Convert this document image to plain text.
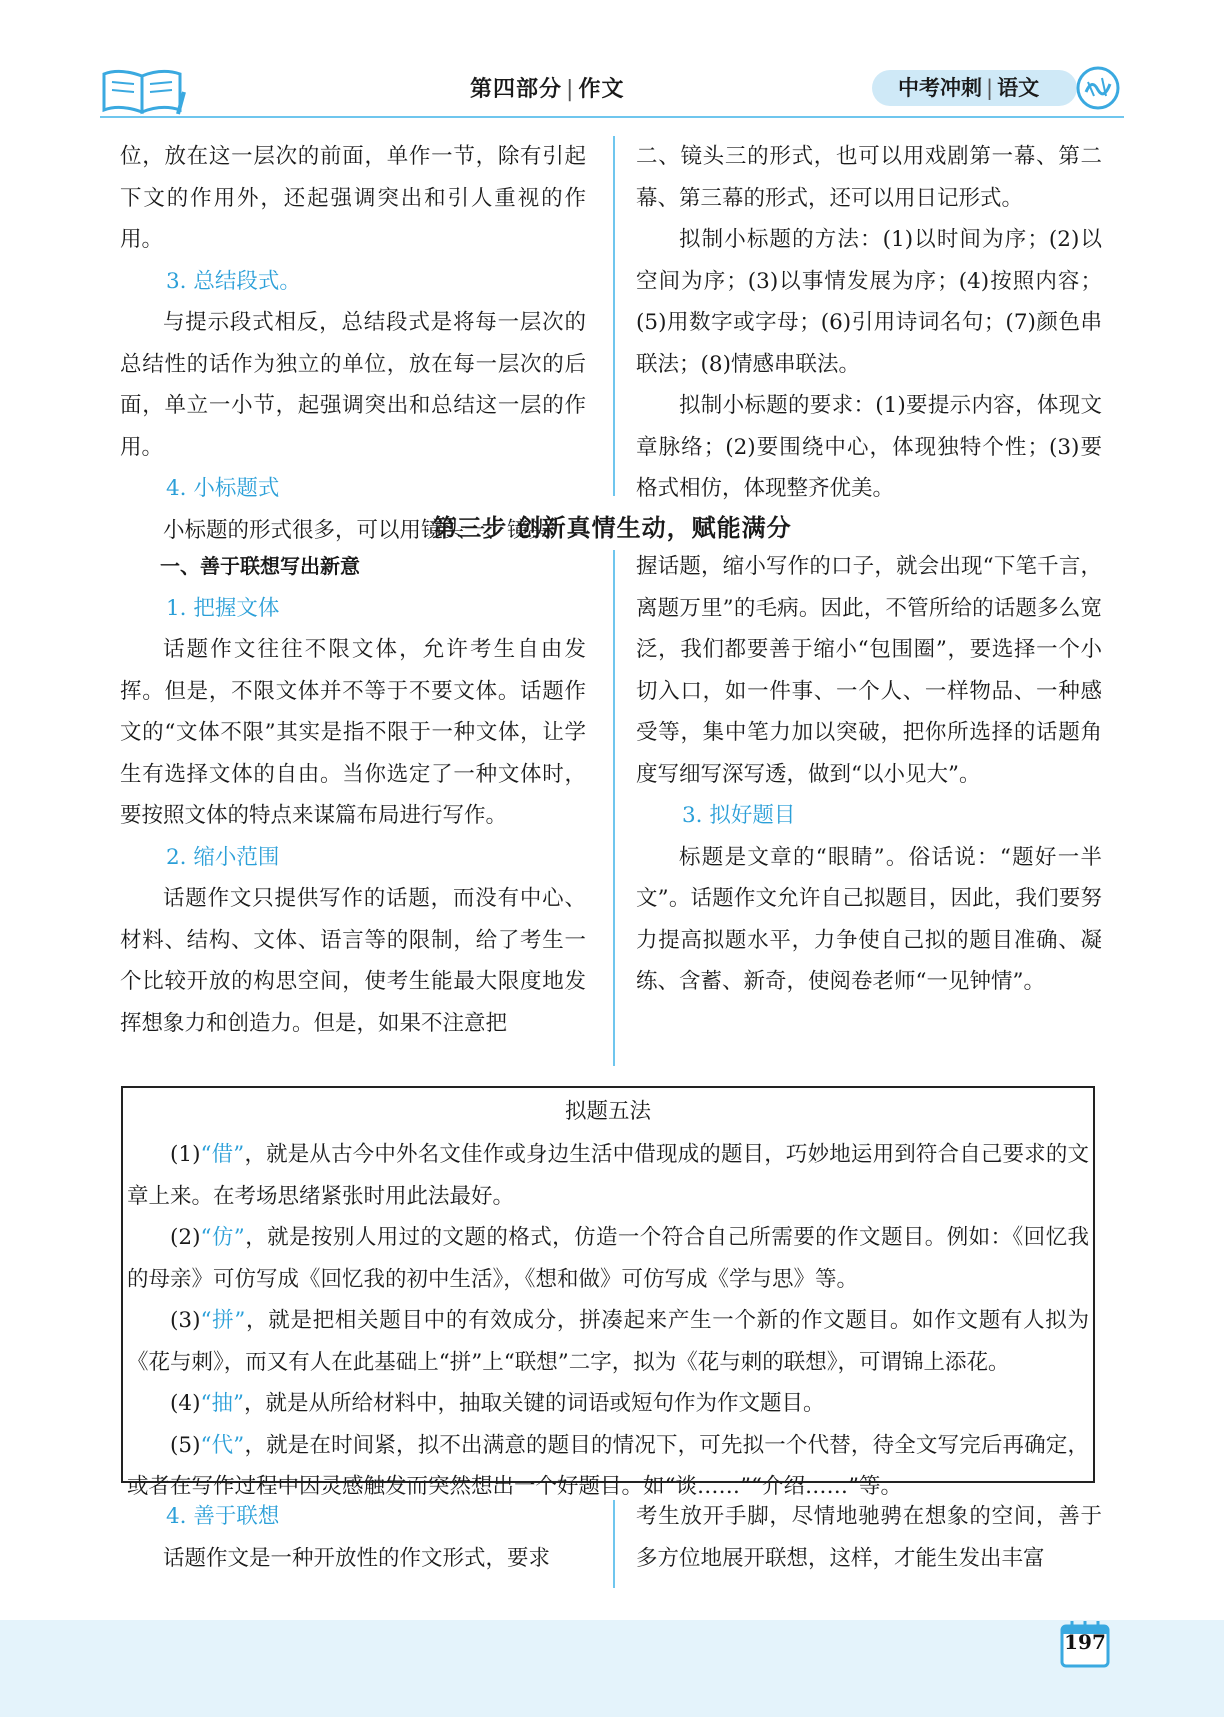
第四部分 | 作文	中考冲刺 | 语文
位，放在这一层次的前面，单作一节，除有引起下文的作用外，还起强调突出和引人重视的作用。
3. 总结段式。
与提示段式相反，总结段式是将每一层次的总结性的话作为独立的单位，放在每一层次的后面，单立一小节，起强调突出和总结这一层的作用。
4. 小标题式
小标题的形式很多，可以用镜头一、镜头
二、镜头三的形式，也可以用戏剧第一幕、第二幕、第三幕的形式，还可以用日记形式。
拟制小标题的方法：(1)以时间为序；(2)以空间为序；(3)以事情发展为序；(4)按照内容；(5)用数字或字母；(6)引用诗词名句；(7)颜色串联法；(8)情感串联法。
拟制小标题的要求：(1)要提示内容，体现文章脉络；(2)要围绕中心，体现独特个性；(3)要格式相仿，体现整齐优美。
第三步 创新真情生动，赋能满分
一、善于联想写出新意
1. 把握文体
话题作文往往不限文体，允许考生自由发挥。但是，不限文体并不等于不要文体。话题作文的“文体不限”其实是指不限于一种文体，让学生有选择文体的自由。当你选定了一种文体时，要按照文体的特点来谋篇布局进行写作。
2. 缩小范围
话题作文只提供写作的话题，而没有中心、材料、结构、文体、语言等的限制，给了考生一个比较开放的构思空间，使考生能最大限度地发挥想象力和创造力。但是，如果不注意把
握话题，缩小写作的口子，就会出现“下笔千言，离题万里”的毛病。因此，不管所给的话题多么宽泛，我们都要善于缩小“包围圈”，要选择一个小切入口，如一件事、一个人、一样物品、一种感受等，集中笔力加以突破，把你所选择的话题角度写细写深写透，做到“以小见大”。
3. 拟好题目
标题是文章的“眼睛”。俗话说：“题好一半文”。话题作文允许自己拟题目，因此，我们要努力提高拟题水平，力争使自己拟的题目准确、凝练、含蓄、新奇，使阅卷老师“一见钟情”。
拟题五法

(1)“借”，就是从古今中外名文佳作或身边生活中借现成的题目，巧妙地运用到符合自己要求的文章上来。在考场思绪紧张时用此法最好。

(2)“仿”，就是按别人用过的文题的格式，仿造一个符合自己所需要的作文题目。例如：《回忆我的母亲》可仿写成《回忆我的初中生活》，《想和做》可仿写成《学与思》等。

(3)“拼”，就是把相关题目中的有效成分，拼凑起来产生一个新的作文题目。如作文题有人拟为《花与刺》，而又有人在此基础上“拼”上“联想”二字，拟为《花与刺的联想》，可谓锦上添花。

(4)“抽”，就是从所给材料中，抽取关键的词语或短句作为作文题目。

(5)“代”，就是在时间紧，拟不出满意的题目的情况下，可先拟一个代替，待全文写完后再确定，或者在写作过程中因灵感触发而突然想出一个好题目。如“谈……”“介绍……”等。

4. 善于联想
话题作文是一种开放性的作文形式，要求
考生放开手脚，尽情地驰骋在想象的空间，善于多方位地展开联想，这样，才能生发出丰富
197
